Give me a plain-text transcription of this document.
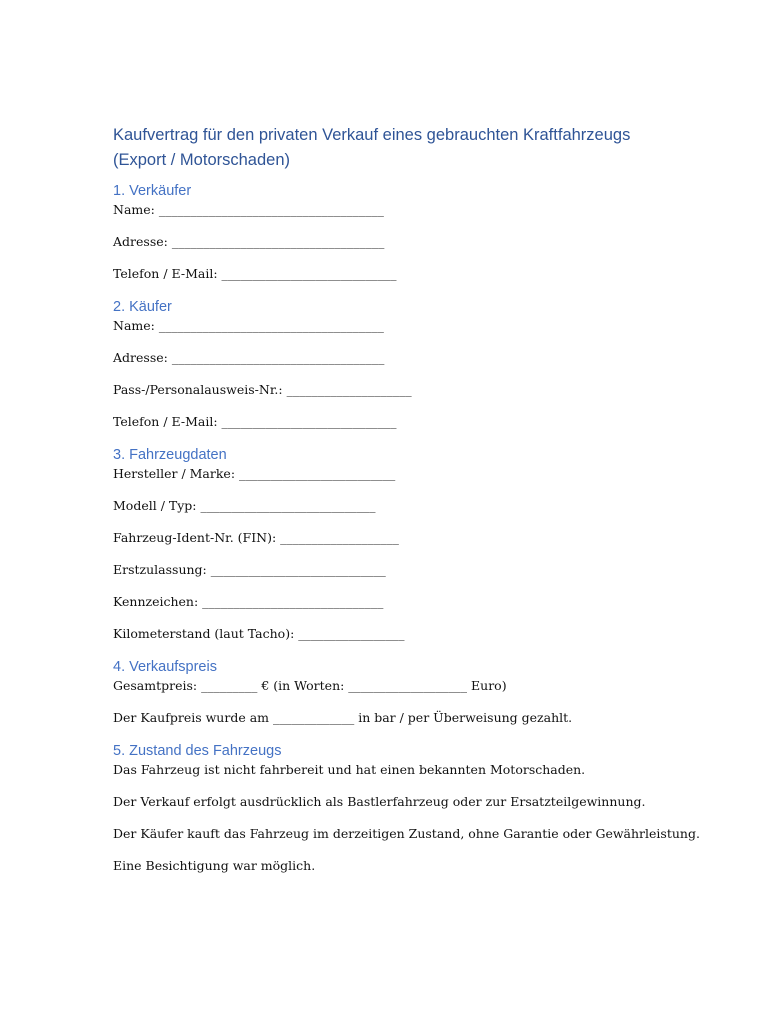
Kaufvertrag für den privaten Verkauf eines gebrauchten Kraftfahrzeugs
(Export / Motorschaden)
1. Verkäufer

Name: ____________________________________

Adresse: __________________________________

Telefon / E-Mail: ____________________________

2. Käufer

Name: ____________________________________

Adresse: __________________________________

Pass-/Personalausweis-Nr.: ____________________

Telefon / E-Mail: ____________________________

3. Fahrzeugdaten

Hersteller / Marke: _________________________

Modell / Typ: ____________________________

Fahrzeug-Ident-Nr. (FIN): ___________________

Erstzulassung: ____________________________

Kennzeichen: _____________________________

Kilometerstand (laut Tacho): _________________

4. Verkaufspreis

Gesamtpreis: _________ € (in Worten: ___________________ Euro)

Der Kaufpreis wurde am _____________ in bar / per Überweisung gezahlt.

5. Zustand des Fahrzeugs

Das Fahrzeug ist nicht fahrbereit und hat einen bekannten Motorschaden.

Der Verkauf erfolgt ausdrücklich als Bastlerfahrzeug oder zur Ersatzteilgewinnung.

Der Käufer kauft das Fahrzeug im derzeitigen Zustand, ohne Garantie oder Gewährleistung.

Eine Besichtigung war möglich.
